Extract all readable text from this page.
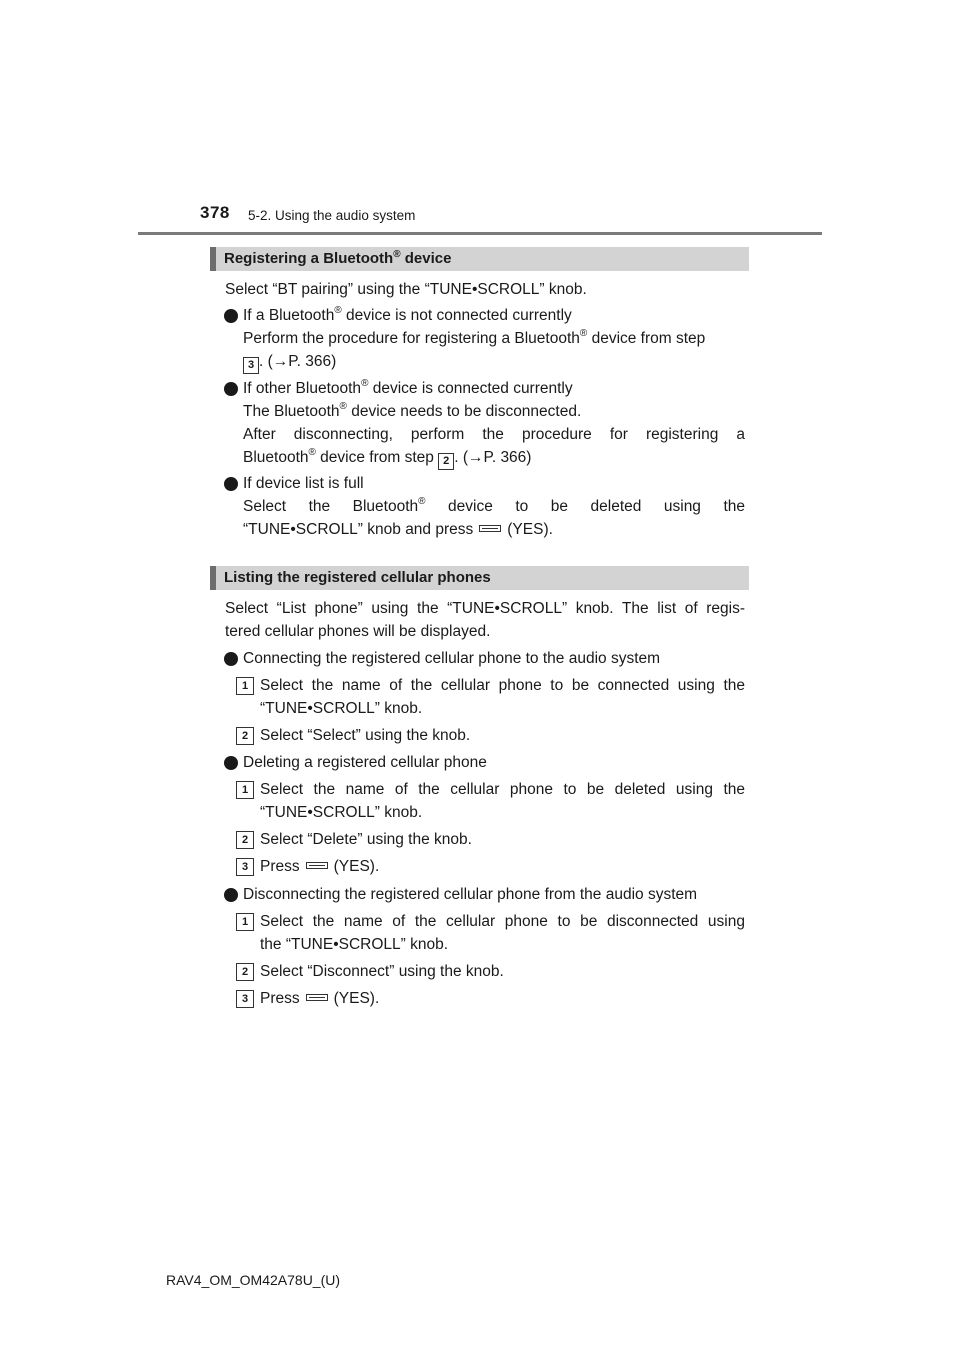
378 5-2. Using the audio system
Registering a Bluetooth® device
Select “BT pairing” using the “TUNE•SCROLL” knob.
If a Bluetooth® device is not connected currently
Perform the procedure for registering a Bluetooth® device from step
3 . (→P. 366)
If other Bluetooth® device is connected currently
The Bluetooth® device needs to be disconnected.
After disconnecting, perform the procedure for registering a
Bluetooth® device from step 2 . (→P. 366)
If device list is full
Select the Bluetooth® device to be deleted using the
“TUNE•SCROLL” knob and press (YES).
Listing the registered cellular phones
Select “List phone” using the “TUNE•SCROLL” knob. The list of regis-
tered cellular phones will be displayed.
Connecting the registered cellular phone to the audio system
1 Select the name of the cellular phone to be connected using the
“TUNE•SCROLL” knob.
2 Select “Select” using the knob.
Deleting a registered cellular phone
1 Select the name of the cellular phone to be deleted using the
“TUNE•SCROLL” knob.
2 Select “Delete” using the knob.
3 Press (YES).
Disconnecting the registered cellular phone from the audio system
1 Select the name of the cellular phone to be disconnected using
the “TUNE•SCROLL” knob.
2 Select “Disconnect” using the knob.
3 Press (YES).
RAV4_OM_OM42A78U_(U)
